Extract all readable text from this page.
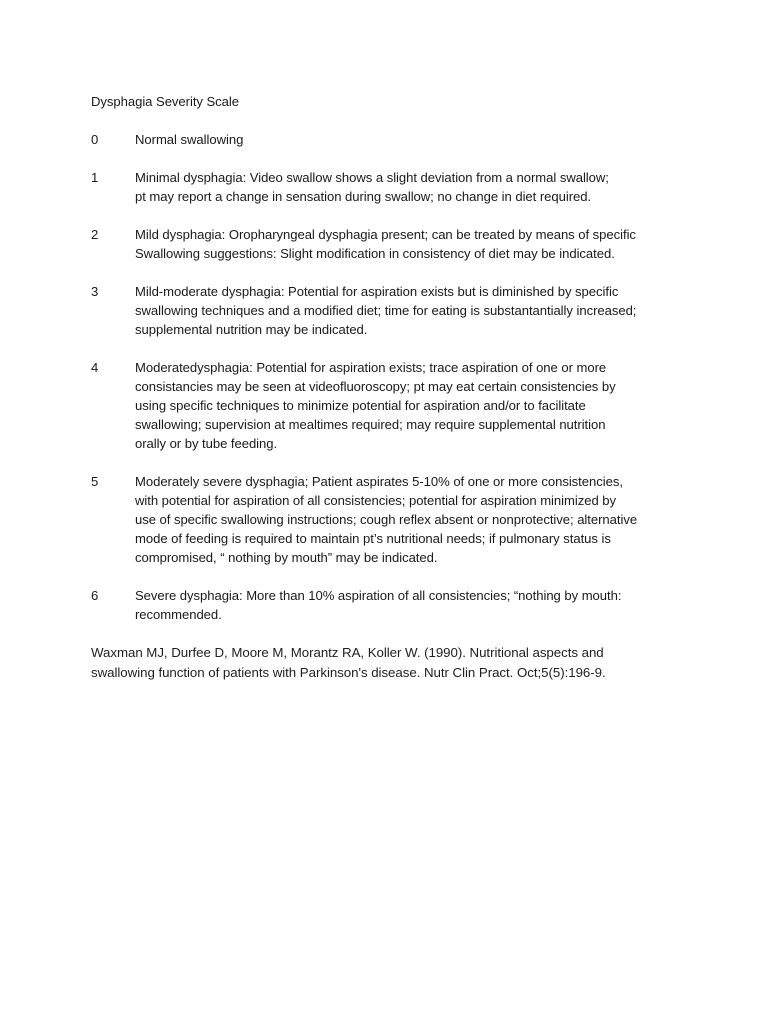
Dysphagia Severity Scale
0	Normal swallowing
1	Minimal dysphagia: Video swallow shows a slight deviation from a normal swallow;
pt may report a change in sensation during swallow; no change in diet required.
2	Mild dysphagia: Oropharyngeal dysphagia present; can be treated by means of specific
Swallowing suggestions: Slight modification in consistency of diet may be indicated.
3	Mild-moderate dysphagia: Potential for aspiration exists but is diminished by specific
swallowing techniques and a modified diet; time for eating is substantantially increased;
supplemental nutrition may be indicated.
4	Moderatedysphagia: Potential for aspiration exists; trace aspiration of one or more
consistancies may be seen at videofluoroscopy; pt may eat certain consistencies by
using specific techniques to minimize potential for aspiration and/or to facilitate
swallowing; supervision at mealtimes required; may require supplemental nutrition
orally or by tube feeding.
5	Moderately severe dysphagia; Patient aspirates 5-10% of one or more consistencies,
with potential for aspiration of all consistencies; potential for aspiration minimized by
use of specific swallowing instructions; cough reflex absent or nonprotective; alternative
mode of feeding is required to maintain pt’s nutritional needs; if pulmonary status is
compromised, “ nothing by mouth” may be indicated.
6	Severe dysphagia: More than 10% aspiration of all consistencies; “nothing by mouth:
recommended.

Waxman MJ, Durfee D, Moore M, Morantz RA, Koller W. (1990). Nutritional aspects and
swallowing function of patients with Parkinson's disease. Nutr Clin Pract. Oct;5(5):196-9.
